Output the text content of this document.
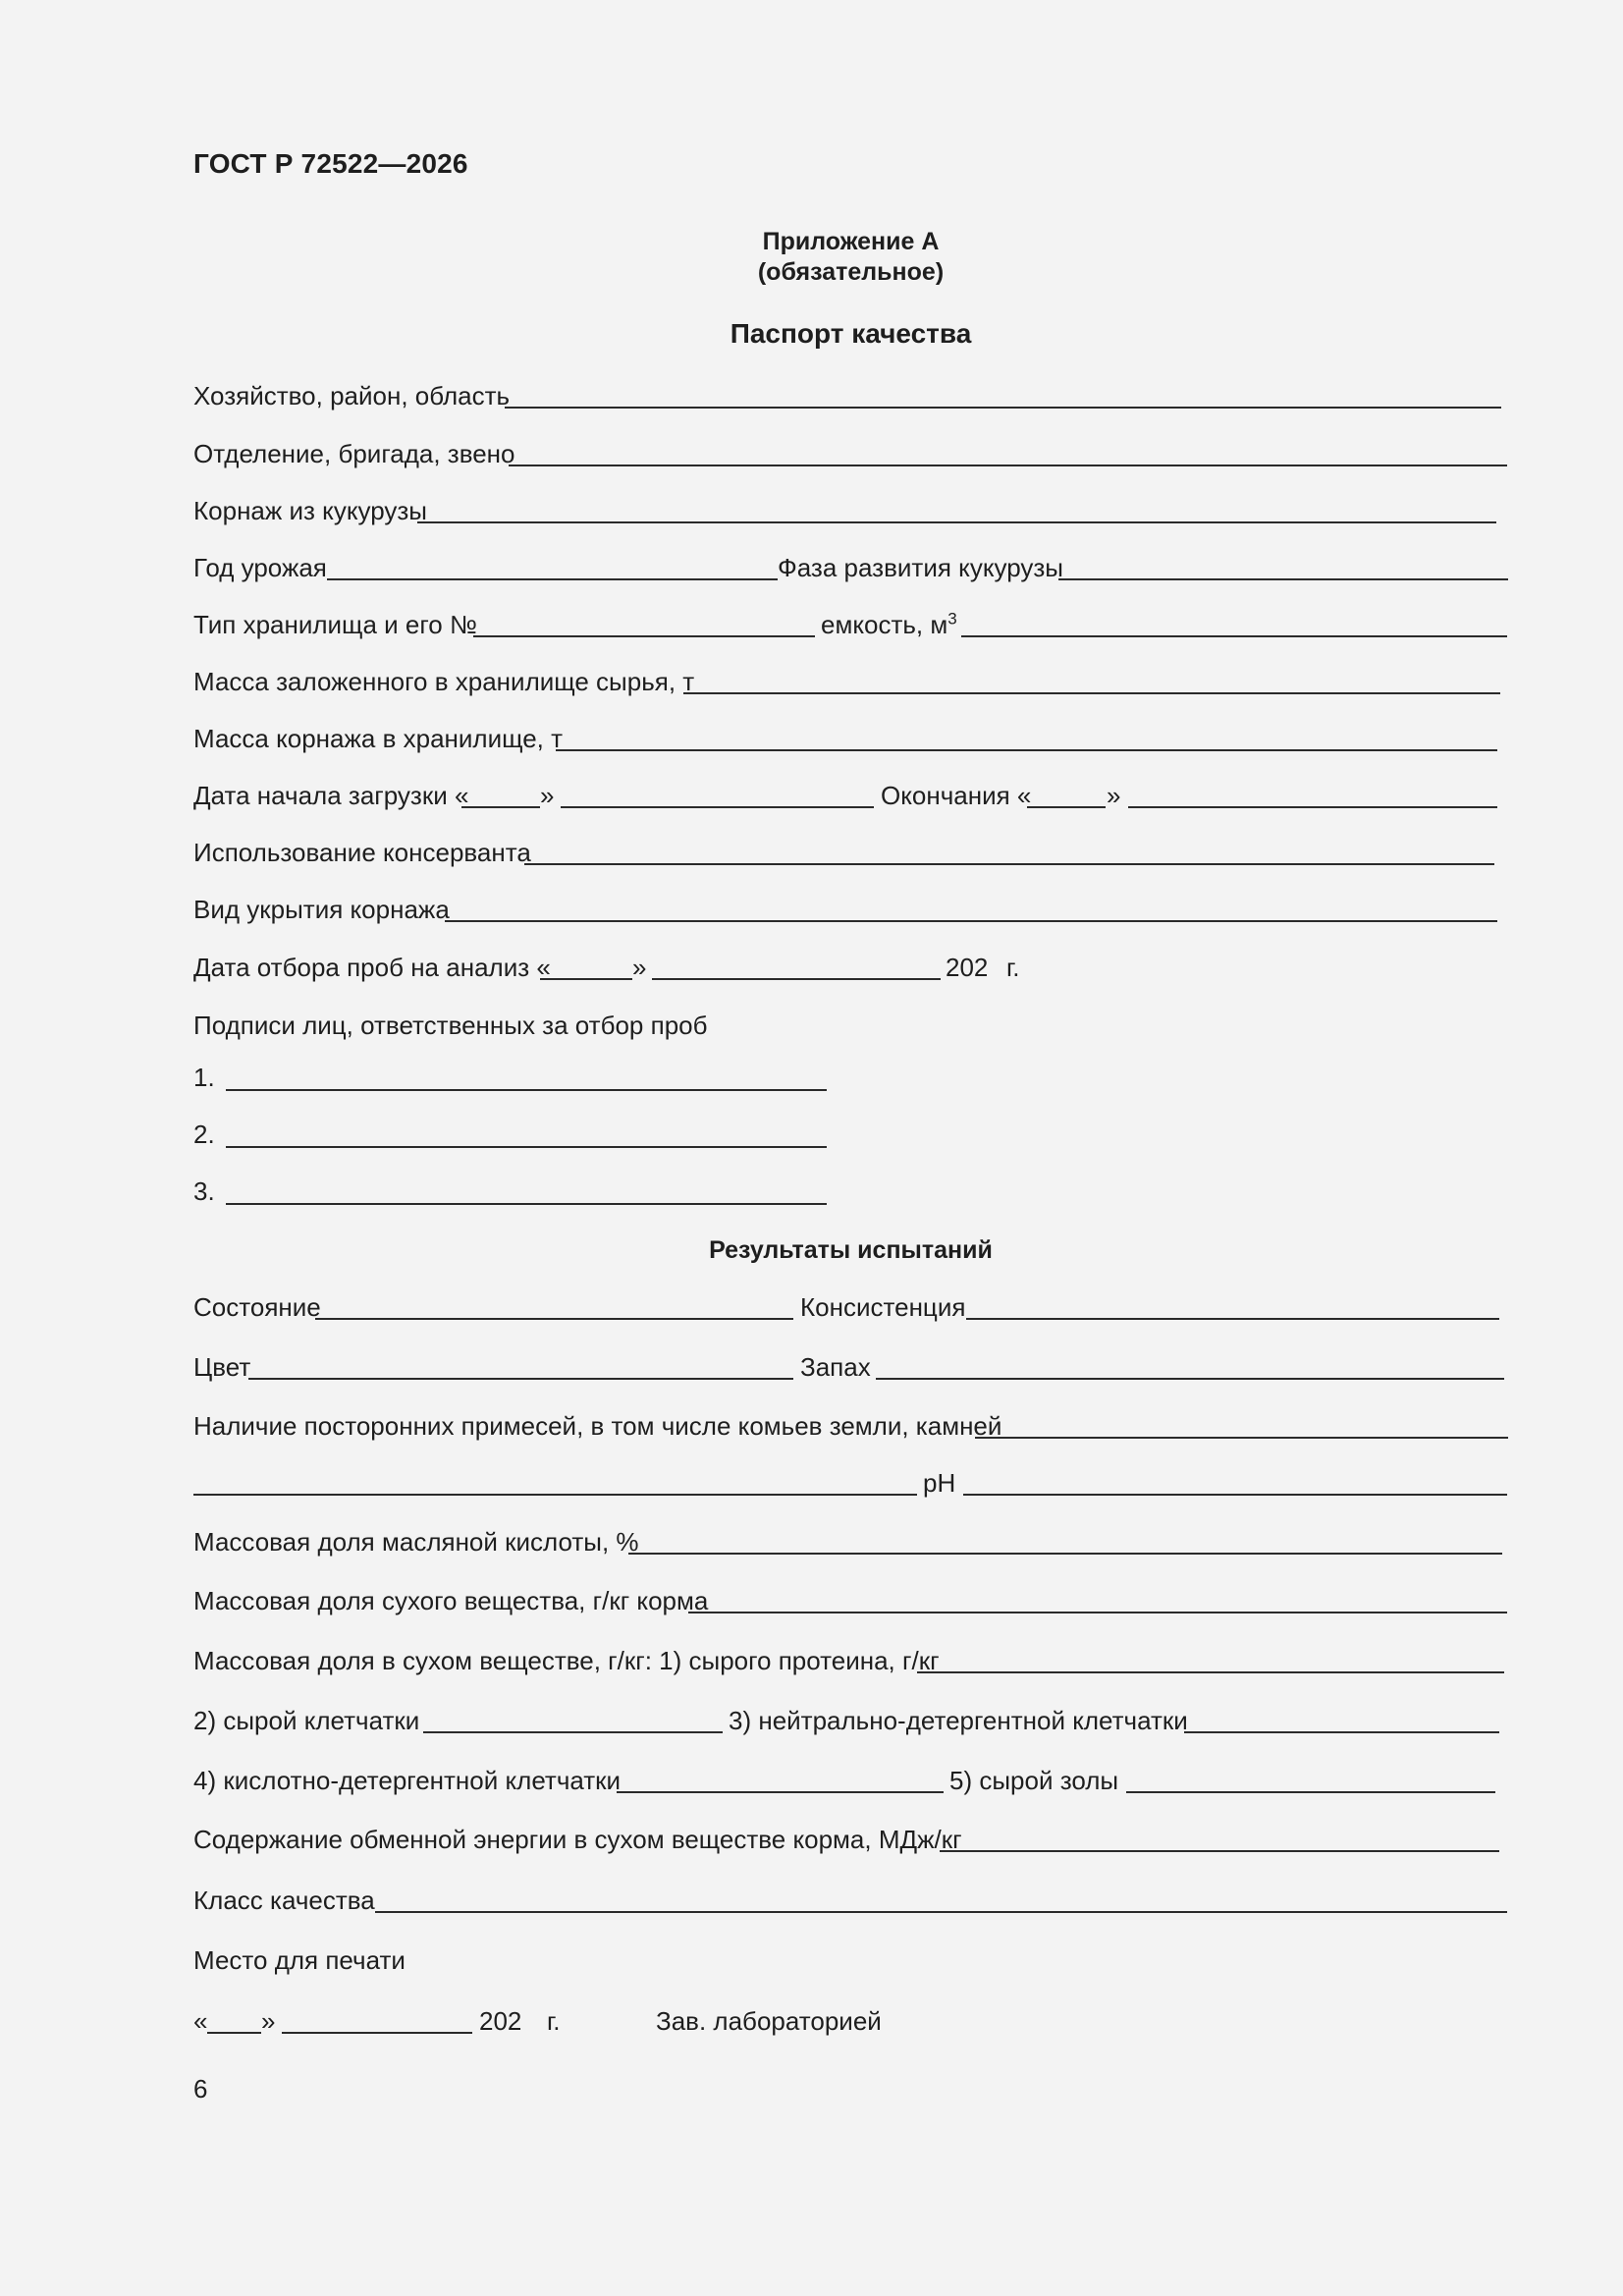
ГОСТ Р 72522—2026
Приложение А
(обязательное)
Паспорт качества
Хозяйство, район, область
Отделение, бригада, звено
Корнаж из кукурузы
Год урожая	Фаза развития кукурузы
Тип хранилища и его №	емкость, $м^3$
Масса заложенного в хранилище сырья, т
Масса корнажа в хранилище, т
Дата начала загрузки «	»	Окончания «	»
Использование консерванта
Вид укрытия корнажа
Дата отбора проб на анализ «	»	202 г.
Подписи лиц, ответственных за отбор проб
1.
2.
3.
Результаты испытаний
Состояние	Консистенция
Цвет	Запах
Наличие посторонних примесей, в том числе комьев земли, камней
pH
Массовая доля масляной кислоты, %
Массовая доля сухого вещества, г/кг корма
Массовая доля в сухом веществе, г/кг: 1) сырого протеина, г/кг
2) сырой клетчатки	3) нейтрально-детергентной клетчатки
4) кислотно-детергентной клетчатки	5) сырой золы
Содержание обменной энергии в сухом веществе корма, МДж/кг
Класс качества
Место для печати
« »	202 г.	Зав. лабораторией
6
